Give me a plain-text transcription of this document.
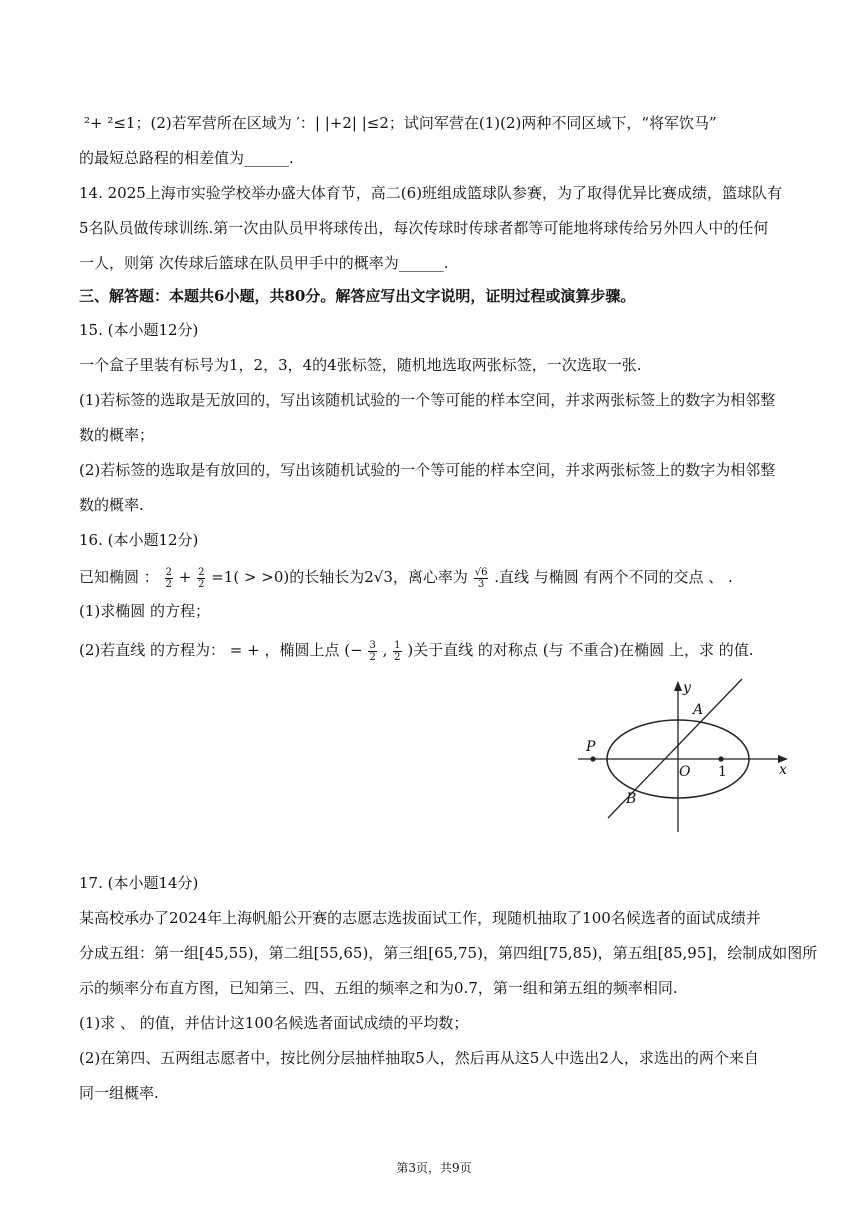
²+ ²≤1；(2)若军营所在区域为 ′：| |+2| |≤2；试问军营在(1)(2)两种不同区域下，“将军饮马”
的最短总路程的相差值为______.
14. 2025上海市实验学校举办盛大体育节，高二(6)班组成篮球队参赛，为了取得优异比赛成绩，篮球队有
5名队员做传球训练.第一次由队员甲将球传出，每次传球时传球者都等可能地将球传给另外四人中的任何
一人，则第 次传球后篮球在队员甲手中的概率为______.
三、解答题：本题共6小题，共80分。解答应写出文字说明，证明过程或演算步骤。
15. (本小题12分)
一个盒子里装有标号为1，2，3，4的4张标签，随机地选取两张标签，一次选取一张.
(1)若标签的选取是无放回的，写出该随机试验的一个等可能的样本空间，并求两张标签上的数字为相邻整
数的概率；
(2)若标签的选取是有放回的，写出该随机试验的一个等可能的样本空间，并求两张标签上的数字为相邻整
数的概率.
16. (本小题12分)
已知椭圆 ： $\frac{2}{2} + \frac{2}{2} =1( > >0)$的长轴长为2√3，离心率为 $\frac{√6}{3}$ .直线 与椭圆 有两个不同的交点 、 .
(1)求椭圆 的方程；
(2)若直线 的方程为： = + ，椭圆上点 (− $\frac{3}{2}$ , $\frac{1}{2}$ )关于直线 的对称点 (与 不重合)在椭圆 上，求 的值.
y
x
A
B
P
O 1
17. (本小题14分)
某高校承办了2024年上海帆船公开赛的志愿志选拔面试工作，现随机抽取了100名候选者的面试成绩并
分成五组：第一组[45,55)，第二组[55,65)，第三组[65,75)，第四组[75,85)，第五组[85,95]，绘制成如图所
示的频率分布直方图，已知第三、四、五组的频率之和为0.7，第一组和第五组的频率相同.
(1)求 、 的值，并估计这100名候选者面试成绩的平均数；
(2)在第四、五两组志愿者中，按比例分层抽样抽取5人，然后再从这5人中选出2人，求选出的两个来自
同一组概率.
第3页，共9页
